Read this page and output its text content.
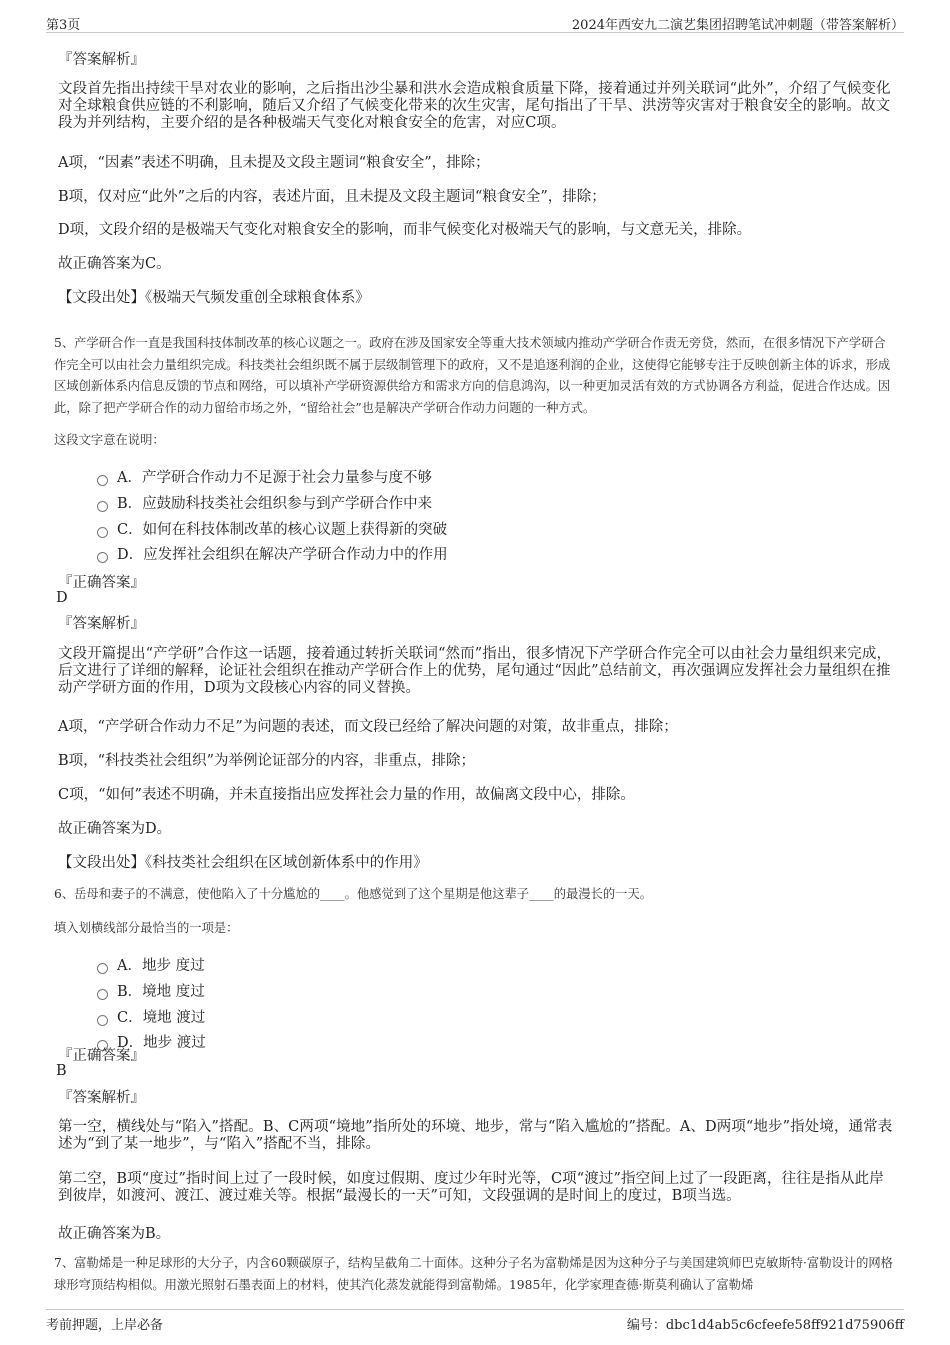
第3页	2024年西安九二演艺集团招聘笔试冲刺题（带答案解析）
『答案解析』
文段首先指出持续干旱对农业的影响，之后指出沙尘暴和洪水会造成粮食质量下降，接着通过并列关联词“此外”，介绍了气候变化对全球粮食供应链的不利影响，随后又介绍了气候变化带来的次生灾害，尾句指出了干旱、洪涝等灾害对于粮食安全的影响。故文段为并列结构，主要介绍的是各种极端天气变化对粮食安全的危害，对应C项。
A项，“因素”表述不明确，且未提及文段主题词“粮食安全”，排除；
B项，仅对应“此外”之后的内容，表述片面，且未提及文段主题词“粮食安全”，排除；
D项，文段介绍的是极端天气变化对粮食安全的影响，而非气候变化对极端天气的影响，与文意无关，排除。
故正确答案为C。
【文段出处】《极端天气频发重创全球粮食体系》
5、产学研合作一直是我国科技体制改革的核心议题之一。政府在涉及国家安全等重大技术领域内推动产学研合作责无旁贷，然而，在很多情况下产学研合作完全可以由社会力量组织完成。科技类社会组织既不属于层级制管理下的政府，又不是追逐利润的企业，这使得它能够专注于反映创新主体的诉求，形成区域创新体系内信息反馈的节点和网络，可以填补产学研资源供给方和需求方向的信息鸿沟，以一种更加灵活有效的方式协调各方利益，促进合作达成。因此，除了把产学研合作的动力留给市场之外，“留给社会”也是解决产学研合作动力问题的一种方式。
这段文字意在说明：
A．产学研合作动力不足源于社会力量参与度不够
B．应鼓励科技类社会组织参与到产学研合作中来
C．如何在科技体制改革的核心议题上获得新的突破
D．应发挥社会组织在解决产学研合作动力中的作用
『正确答案』
D
『答案解析』
文段开篇提出“产学研”合作这一话题，接着通过转折关联词“然而”指出，很多情况下产学研合作完全可以由社会力量组织来完成，后文进行了详细的解释，论证社会组织在推动产学研合作上的优势，尾句通过“因此”总结前文，再次强调应发挥社会力量组织在推动产学研方面的作用，D项为文段核心内容的同义替换。
A项，“产学研合作动力不足”为问题的表述，而文段已经给了解决问题的对策，故非重点，排除；
B项，“科技类社会组织”为举例论证部分的内容，非重点，排除；
C项，“如何”表述不明确，并未直接指出应发挥社会力量的作用，故偏离文段中心，排除。
故正确答案为D。
【文段出处】《科技类社会组织在区域创新体系中的作用》
6、岳母和妻子的不满意，使他陷入了十分尴尬的____。他感觉到了这个星期是他这辈子____的最漫长的一天。
填入划横线部分最恰当的一项是：
A．地步 度过
B．境地 度过
C．境地 渡过
D．地步 渡过
『正确答案』
B
『答案解析』
第一空，横线处与“陷入”搭配。B、C两项“境地”指所处的环境、地步，常与“陷入尴尬的”搭配。A、D两项“地步”指处境，通常表述为“到了某一地步”，与“陷入”搭配不当，排除。
第二空，B项“度过”指时间上过了一段时候，如度过假期、度过少年时光等，C项“渡过”指空间上过了一段距离，往往是指从此岸到彼岸，如渡河、渡江、渡过难关等。根据“最漫长的一天”可知，文段强调的是时间上的度过，B项当选。
故正确答案为B。
7、富勒烯是一种足球形的大分子，内含60颗碳原子，结构呈截角二十面体。这种分子名为富勒烯是因为这种分子与美国建筑师巴克敏斯特·富勒设计的网格球形穹顶结构相似。用激光照射石墨表面上的材料，使其汽化蒸发就能得到富勒烯。1985年，化学家理查德·斯莫利确认了富勒烯
考前押题，上岸必备	编号：dbc1d4ab5c6cfeefe58ff921d75906ff
